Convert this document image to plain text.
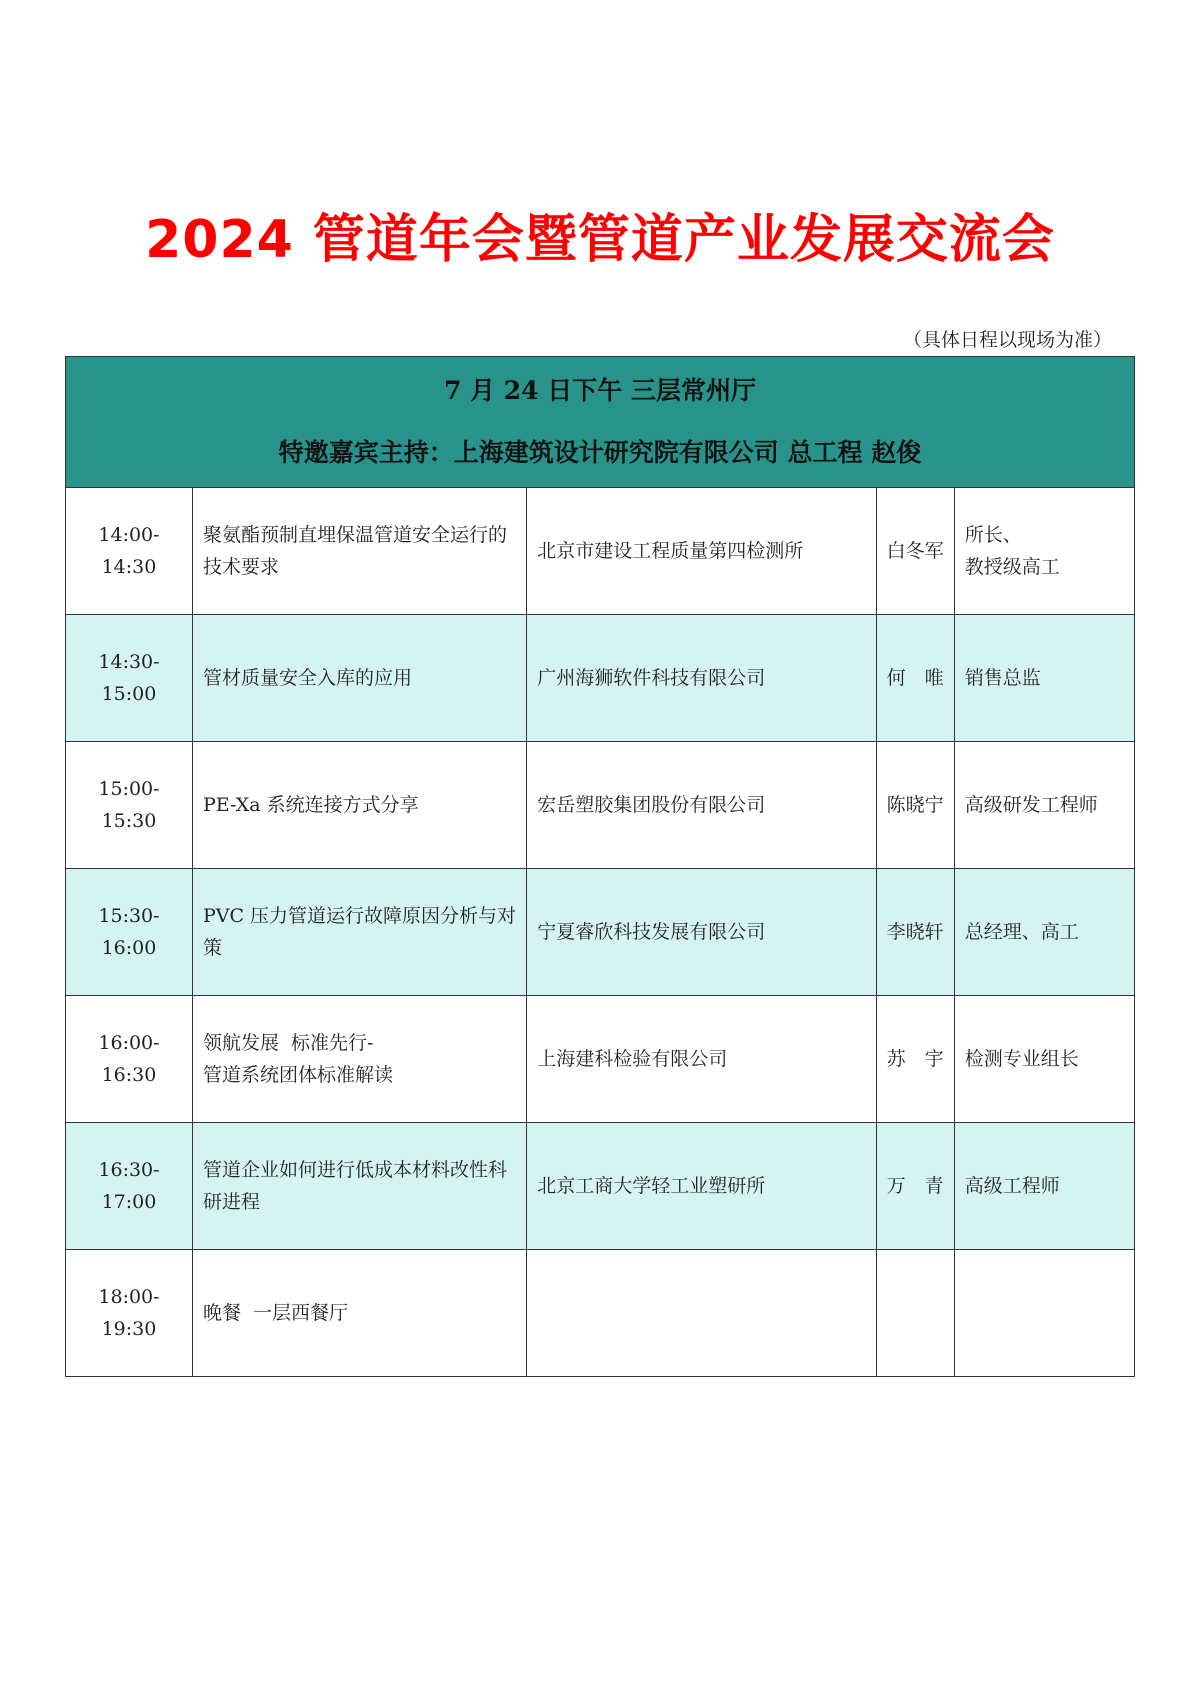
2024 管道年会暨管道产业发展交流会
（具体日程以现场为准）
7 月 24 日下午 三层常州厅
特邀嘉宾主持：上海建筑设计研究院有限公司 总工程 赵俊				

14:00-14:30	聚氨酯预制直埋保温管道安全运行的技术要求	北京市建设工程质量第四检测所	白冬军	所长、
教授级高工
14:30-15:00	管材质量安全入库的应用	广州海狮软件科技有限公司	何　唯	销售总监
15:00-15:30	PE-Xa 系统连接方式分享	宏岳塑胶集团股份有限公司	陈晓宁	高级研发工程师
15:30-16:00	PVC 压力管道运行故障原因分析与对策	宁夏睿欣科技发展有限公司	李晓轩	总经理、高工
16:00-16:30	领航发展  标准先行-
管道系统团体标准解读	上海建科检验有限公司	苏　宇	检测专业组长
16:30-17:00	管道企业如何进行低成本材料改性科研进程	北京工商大学轻工业塑研所	万　青	高级工程师
18:00-19:30	晚餐  一层西餐厅			
